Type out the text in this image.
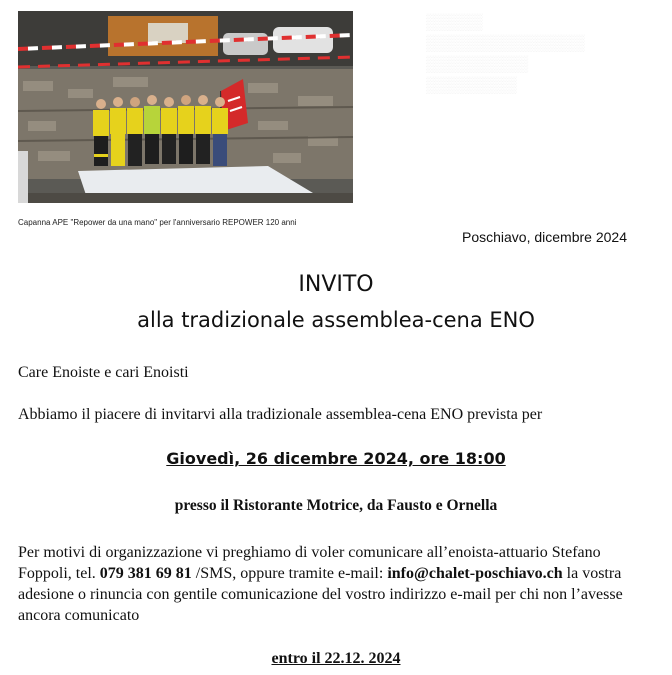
Capanna APE "Repower da una mano" per l'anniversario REPOWER 120 anni
▒▒▒▒▒
▒▒▒▒▒▒▒▒▒▒▒▒▒▒
▒▒▒▒▒▒▒▒▒
▒▒▒▒▒▒▒▒
Poschiavo, dicembre 2024
INVITO
alla tradizionale assemblea-cena ENO

Care Enoiste e cari Enoisti

Abbiamo il piacere di invitarvi alla tradizionale assemblea-cena ENO prevista per

Giovedì, 26 dicembre 2024, ore 18:00

presso il Ristorante Motrice, da Fausto e Ornella

Per motivi di organizzazione vi preghiamo di voler comunicare all’enoista-attuario Stefano Foppoli, tel. 079 381 69 81 /SMS, oppure tramite e-mail: info@chalet-poschiavo.ch la vostra adesione o rinuncia con gentile comunicazione del vostro indirizzo e-mail per chi non l’avesse ancora comunicato

entro il 22.12. 2024
